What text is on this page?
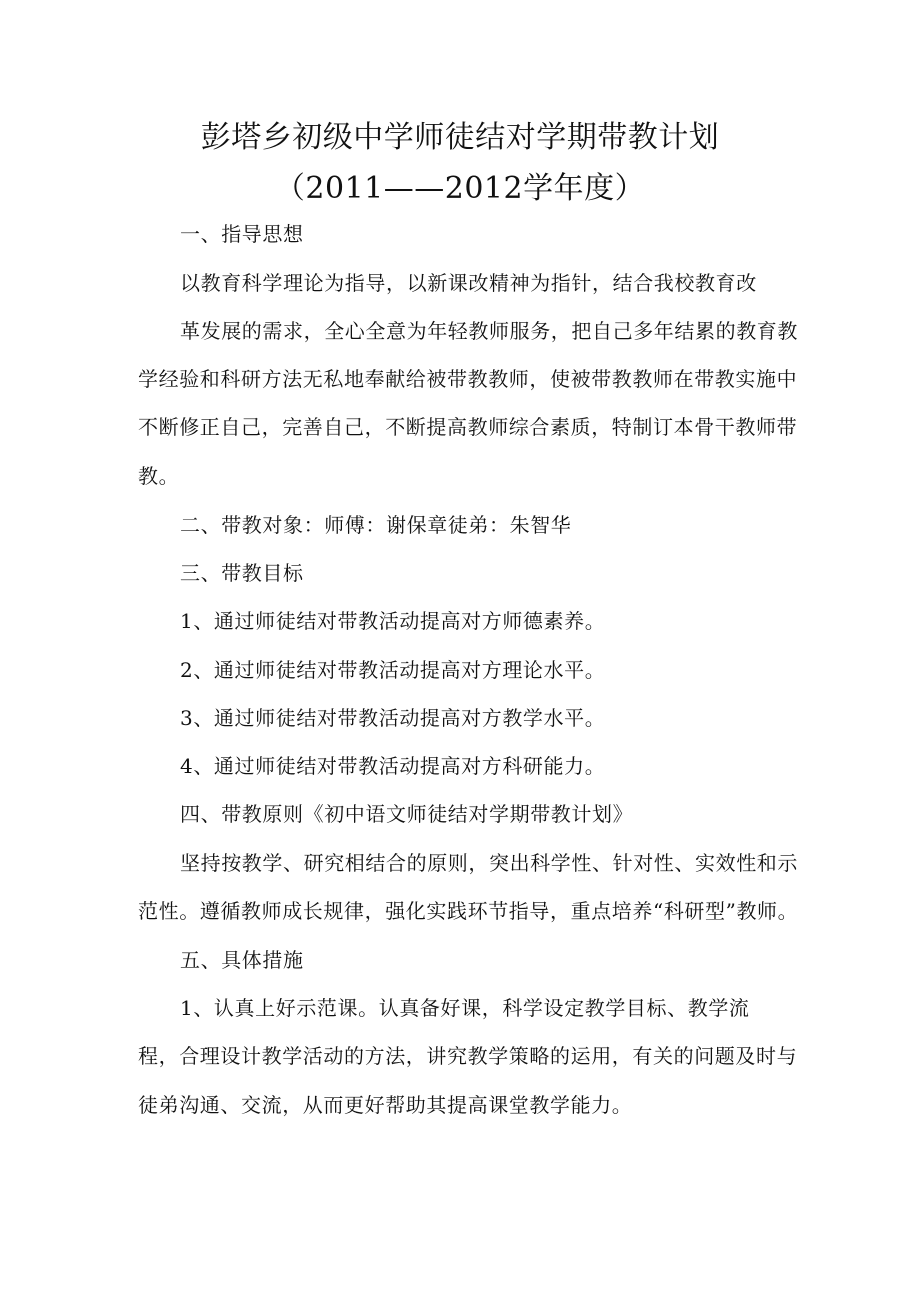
彭塔乡初级中学师徒结对学期带教计划
（2011——2012学年度）
一、指导思想
以教育科学理论为指导，以新课改精神为指针，结合我校教育改
革发展的需求，全心全意为年轻教师服务，把自己多年结累的教育教
学经验和科研方法无私地奉献给被带教教师，使被带教教师在带教实施中
不断修正自己，完善自己，不断提高教师综合素质，特制订本骨干教师带
教。
二、带教对象：师傅：谢保章徒弟：朱智华
三、带教目标
1、通过师徒结对带教活动提高对方师德素养。
2、通过师徒结对带教活动提高对方理论水平。
3、通过师徒结对带教活动提高对方教学水平。
4、通过师徒结对带教活动提高对方科研能力。
四、带教原则《初中语文师徒结对学期带教计划》
坚持按教学、研究相结合的原则，突出科学性、针对性、实效性和示
范性。遵循教师成长规律，强化实践环节指导，重点培养“科研型”教师。
五、具体措施
1、认真上好示范课。认真备好课，科学设定教学目标、教学流
程，合理设计教学活动的方法，讲究教学策略的运用，有关的问题及时与
徒弟沟通、交流，从而更好帮助其提高课堂教学能力。
